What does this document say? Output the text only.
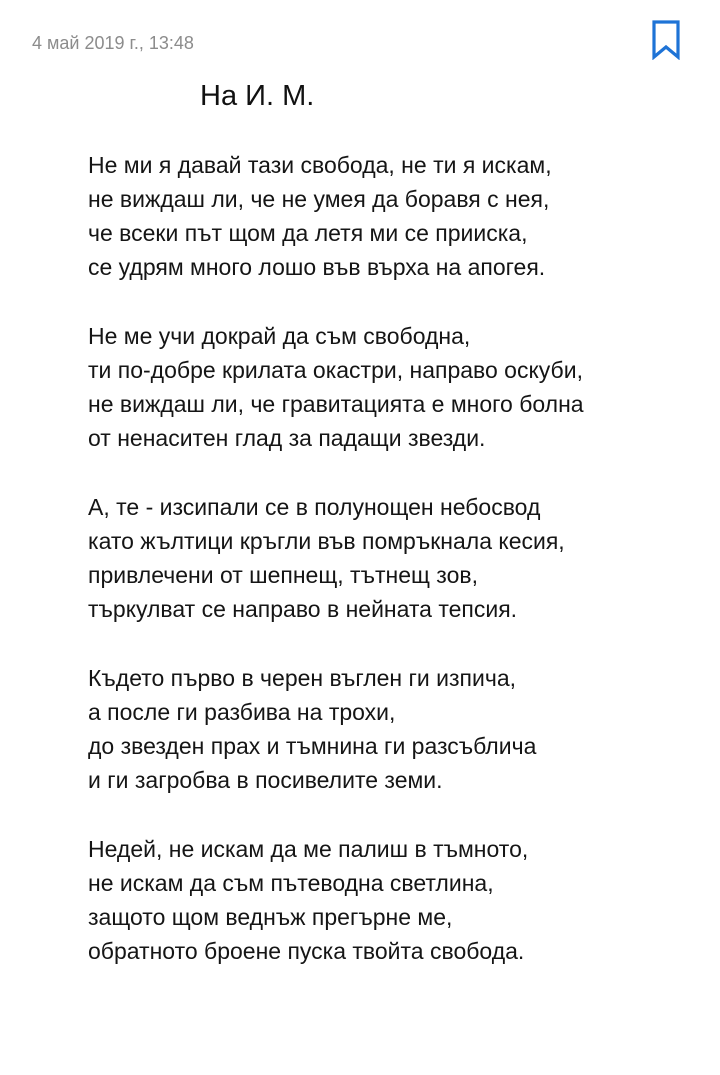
4 май 2019 г., 13:48
На И. М.
Не ми я давай тази свобода, не ти я искам,
не виждаш ли, че не умея да боравя с нея,
че всеки път щом да летя ми се прииска,
се удрям много лошо във върха на апогея.
Не ме учи докрай да съм свободна,
ти по-добре крилата окастри, направо оскуби,
не виждаш ли, че гравитацията е много болна
от ненаситен глад за падащи звезди.
А, те - изсипали се в полунощен небосвод
като жълтици кръгли във помръкнала кесия,
привлечени от шепнещ, тътнещ зов,
търкулват се направо в нейната тепсия.
Където първо в черен въглен ги изпича,
а после ги разбива на трохи,
до звезден прах и тъмнина ги разсъблича
и ги загробва в посивелите земи.
Недей, не искам да ме палиш в тъмното,
не искам да съм пътеводна светлина,
защото щом веднъж прегърне ме,
обратното броене пуска твойта свобода.
